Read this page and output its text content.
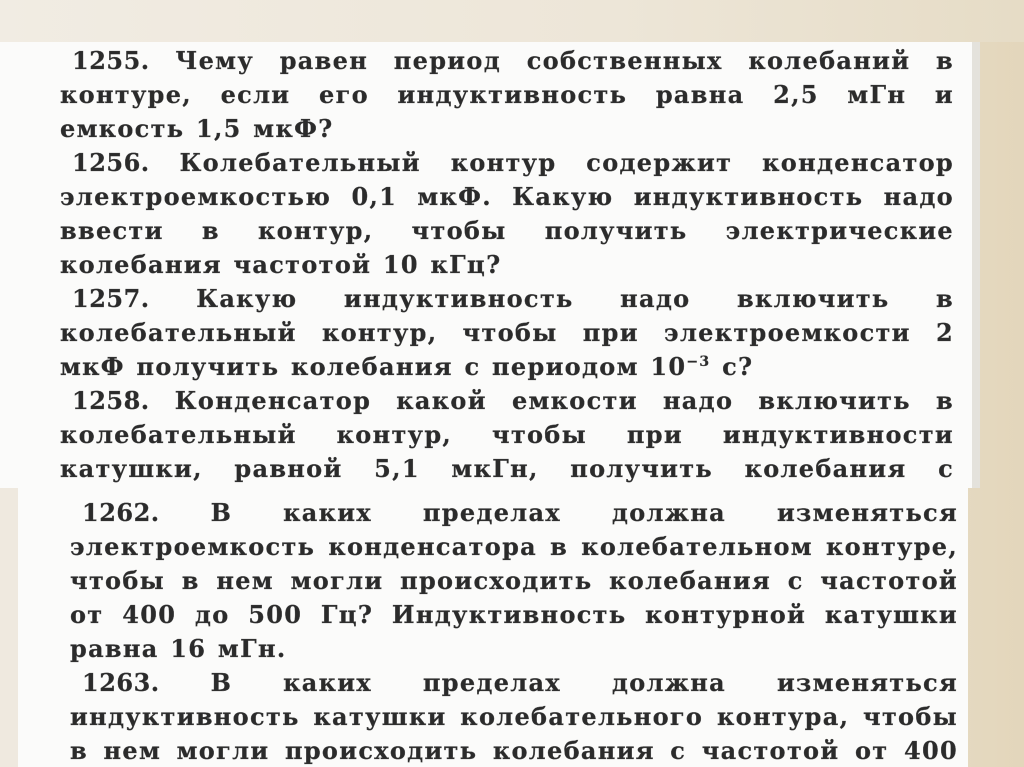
1255. Чему равен период собственных колебаний в контуре, если его индуктивность равна 2,5 мГн и емкость 1,5 мкФ?

1256. Колебательный контур содержит конденсатор электроемкостью 0,1 мкФ. Какую индуктивность надо ввести в контур, чтобы получить электрические колебания частотой 10 кГц?

1257. Какую индуктивность надо включить в колебательный контур, чтобы при электроемкости 2 мкФ получить колебания с периодом $10^{-3}$ с?

1258. Конденсатор какой емкости надо включить в колебательный контур, чтобы при индуктивности катушки, равной 5,1 мкГн, получить колебания с

1262. В каких пределах должна изменяться электроемкость конденсатора в колебательном контуре, чтобы в нем могли происходить колебания с частотой от 400 до 500 Гц? Индуктивность контурной катушки равна 16 мГн.

1263. В каких пределах должна изменяться индуктивность катушки колебательного контура, чтобы в нем могли происходить колебания с частотой от 400
